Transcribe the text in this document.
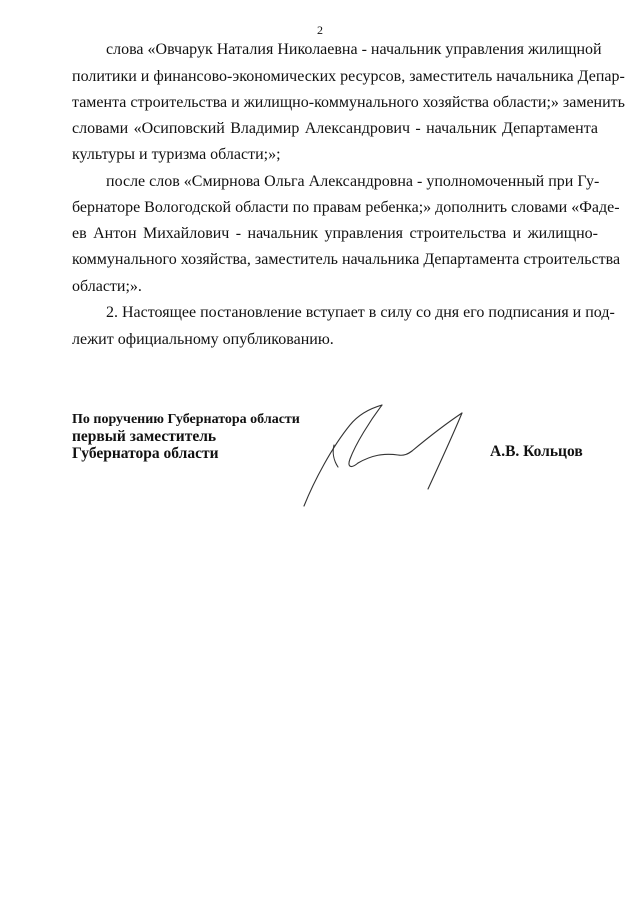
2
слова «Овчарук Наталия Николаевна - начальник управления жилищной
политики и финансово-экономических ресурсов, заместитель начальника Депар-
тамента строительства и жилищно-коммунального хозяйства области;» заменить
словами «Осиповский Владимир Александрович - начальник Департамента
культуры и туризма области;»;
после слов «Смирнова Ольга Александровна - уполномоченный при Гу-
бернаторе Вологодской области по правам ребенка;» дополнить словами «Фаде-
ев Антон Михайлович - начальник управления строительства и жилищно-
коммунального хозяйства, заместитель начальника Департамента строительства
области;».
2. Настоящее постановление вступает в силу со дня его подписания и под-
лежит официальному опубликованию.
По поручению Губернатора области
первый заместитель
Губернатора области	А.В. Кольцов
